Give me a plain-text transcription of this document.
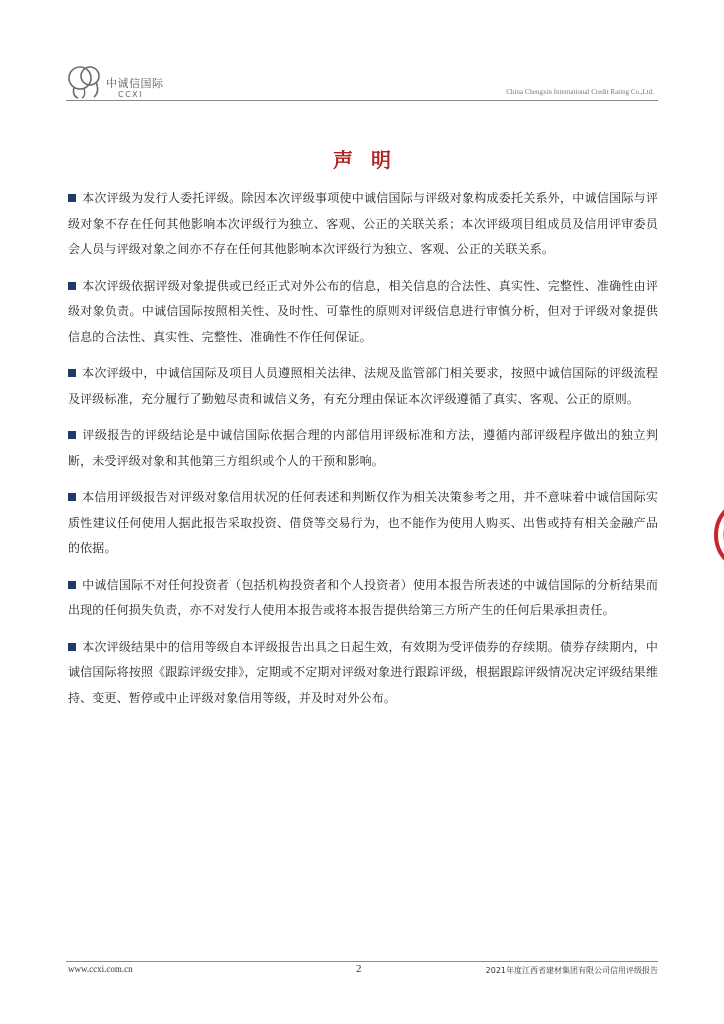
中诚信国际
CCXI	China Chengxin International Credit Rating Co.,Ltd.
声明

本次评级为发行人委托评级。除因本次评级事项使中诚信国际与评级对象构成委托关系外，中诚信国际与评级对象不存在任何其他影响本次评级行为独立、客观、公正的关联关系；本次评级项目组成员及信用评审委员会人员与评级对象之间亦不存在任何其他影响本次评级行为独立、客观、公正的关联关系。

本次评级依据评级对象提供或已经正式对外公布的信息，相关信息的合法性、真实性、完整性、准确性由评级对象负责。中诚信国际按照相关性、及时性、可靠性的原则对评级信息进行审慎分析，但对于评级对象提供信息的合法性、真实性、完整性、准确性不作任何保证。

本次评级中，中诚信国际及项目人员遵照相关法律、法规及监管部门相关要求，按照中诚信国际的评级流程及评级标准，充分履行了勤勉尽责和诚信义务，有充分理由保证本次评级遵循了真实、客观、公正的原则。

评级报告的评级结论是中诚信国际依据合理的内部信用评级标准和方法，遵循内部评级程序做出的独立判断，未受评级对象和其他第三方组织或个人的干预和影响。

本信用评级报告对评级对象信用状况的任何表述和判断仅作为相关决策参考之用，并不意味着中诚信国际实质性建议任何使用人据此报告采取投资、借贷等交易行为，也不能作为使用人购买、出售或持有相关金融产品的依据。

中诚信国际不对任何投资者（包括机构投资者和个人投资者）使用本报告所表述的中诚信国际的分析结果而出现的任何损失负责，亦不对发行人使用本报告或将本报告提供给第三方所产生的任何后果承担责任。

本次评级结果中的信用等级自本评级报告出具之日起生效，有效期为受评债券的存续期。债券存续期内，中诚信国际将按照《跟踪评级安排》，定期或不定期对评级对象进行跟踪评级，根据跟踪评级情况决定评级结果维持、变更、暂停或中止评级对象信用等级，并及时对外公布。

www.ccxi.com.cn	2	2021年度江西省建材集团有限公司信用评级报告
